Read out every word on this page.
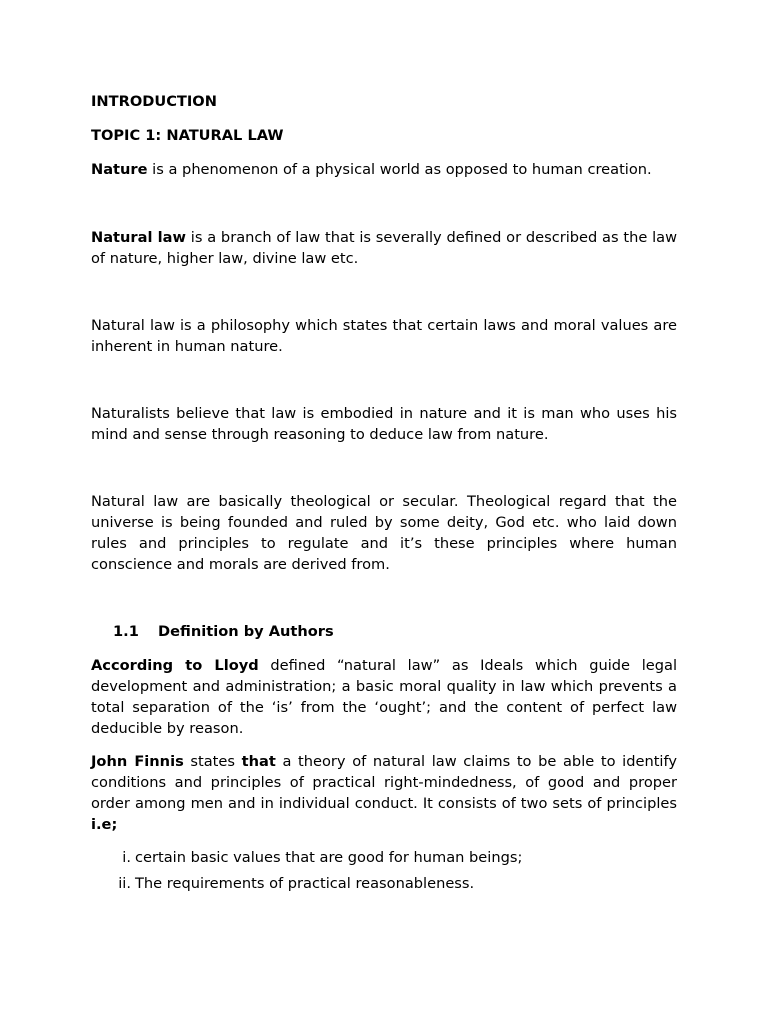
INTRODUCTION

TOPIC 1: NATURAL LAW

Nature is a phenomenon of a physical world as opposed to human creation.

Natural law is a branch of law that is severally defined or described as the law of nature, higher law, divine law etc.

Natural law is a philosophy which states that certain laws and moral values are inherent in human nature.

Naturalists believe that law is embodied in nature and it is man who uses his mind and sense through reasoning to deduce law from nature.

Natural law are basically theological or secular. Theological regard that the universe is being founded and ruled by some deity, God etc. who laid down rules and principles to regulate and it’s these principles where human conscience and morals are derived from.

1.1 Definition by Authors

According to Lloyd defined “natural law” as Ideals which guide legal development and administration; a basic moral quality in law which prevents a total separation of the ‘is’ from the ‘ought’; and the content of perfect law deducible by reason.

John Finnis states that a theory of natural law claims to be able to identify conditions and principles of practical right-mindedness, of good and proper order among men and in individual conduct. It consists of two sets of principles i.e;

i. certain basic values that are good for human beings;
ii. The requirements of practical reasonableness.
